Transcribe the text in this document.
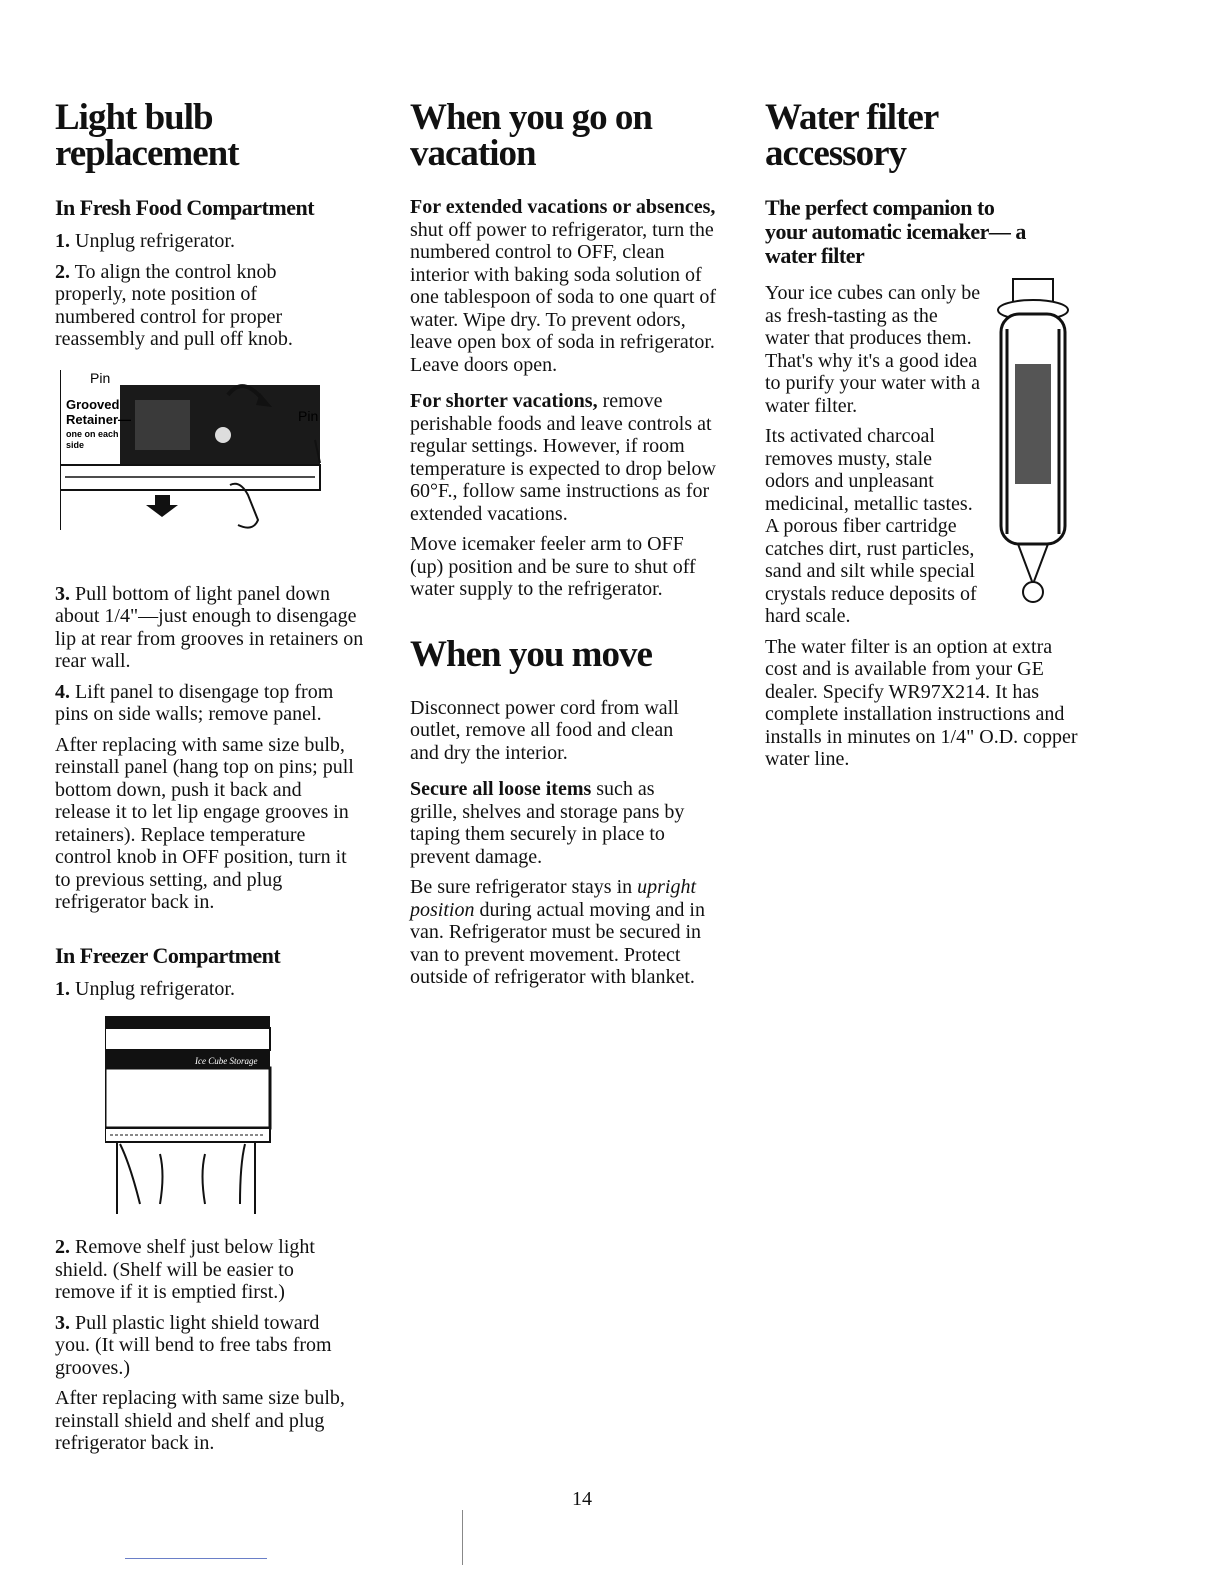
Light bulb replacement
In Fresh Food Compartment

1. Unplug refrigerator.

2. To align the control knob properly, note position of numbered control for proper reassembly and pull off knob.

Pin
Grooved
Retainer—
one on each
side
Pin

3. Pull bottom of light panel down about 1/4"—just enough to disengage lip at rear from grooves in retainers on rear wall.

4. Lift panel to disengage top from pins on side walls; remove panel.

After replacing with same size bulb, reinstall panel (hang top on pins; pull bottom down, push it back and release it to let lip engage grooves in retainers). Replace temperature control knob in OFF position, turn it to previous setting, and plug refrigerator back in.

In Freezer Compartment

1. Unplug refrigerator.

Ice Cube Storage

2. Remove shelf just below light shield. (Shelf will be easier to remove if it is emptied first.)

3. Pull plastic light shield toward you. (It will bend to free tabs from grooves.)

After replacing with same size bulb, reinstall shield and shelf and plug refrigerator back in.

When you go on vacation

For extended vacations or absences, shut off power to refrigerator, turn the numbered control to OFF, clean interior with baking soda solution of one tablespoon of soda to one quart of water. Wipe dry. To prevent odors, leave open box of soda in refrigerator. Leave doors open.

For shorter vacations, remove perishable foods and leave controls at regular settings. However, if room temperature is expected to drop below 60°F., follow same instructions as for extended vacations.

Move icemaker feeler arm to OFF (up) position and be sure to shut off water supply to the refrigerator.

When you move

Disconnect power cord from wall outlet, remove all food and clean and dry the interior.

Secure all loose items such as grille, shelves and storage pans by taping them securely in place to prevent damage.

Be sure refrigerator stays in upright position during actual moving and in van. Refrigerator must be secured in van to prevent movement. Protect outside of refrigerator with blanket.

Water filter accessory
The perfect companion to your automatic icemaker— a water filter

Your ice cubes can only be as fresh-tasting as the water that produces them. That's why it's a good idea to purify your water with a water filter.

Its activated charcoal removes musty, stale odors and unpleasant medicinal, metallic tastes. A porous fiber cartridge catches dirt, rust particles, sand and silt while special crystals reduce deposits of hard scale.

The water filter is an option at extra cost and is available from your GE dealer. Specify WR97X214. It has complete installation instructions and installs in minutes on 1/4" O.D. copper water line.

14
